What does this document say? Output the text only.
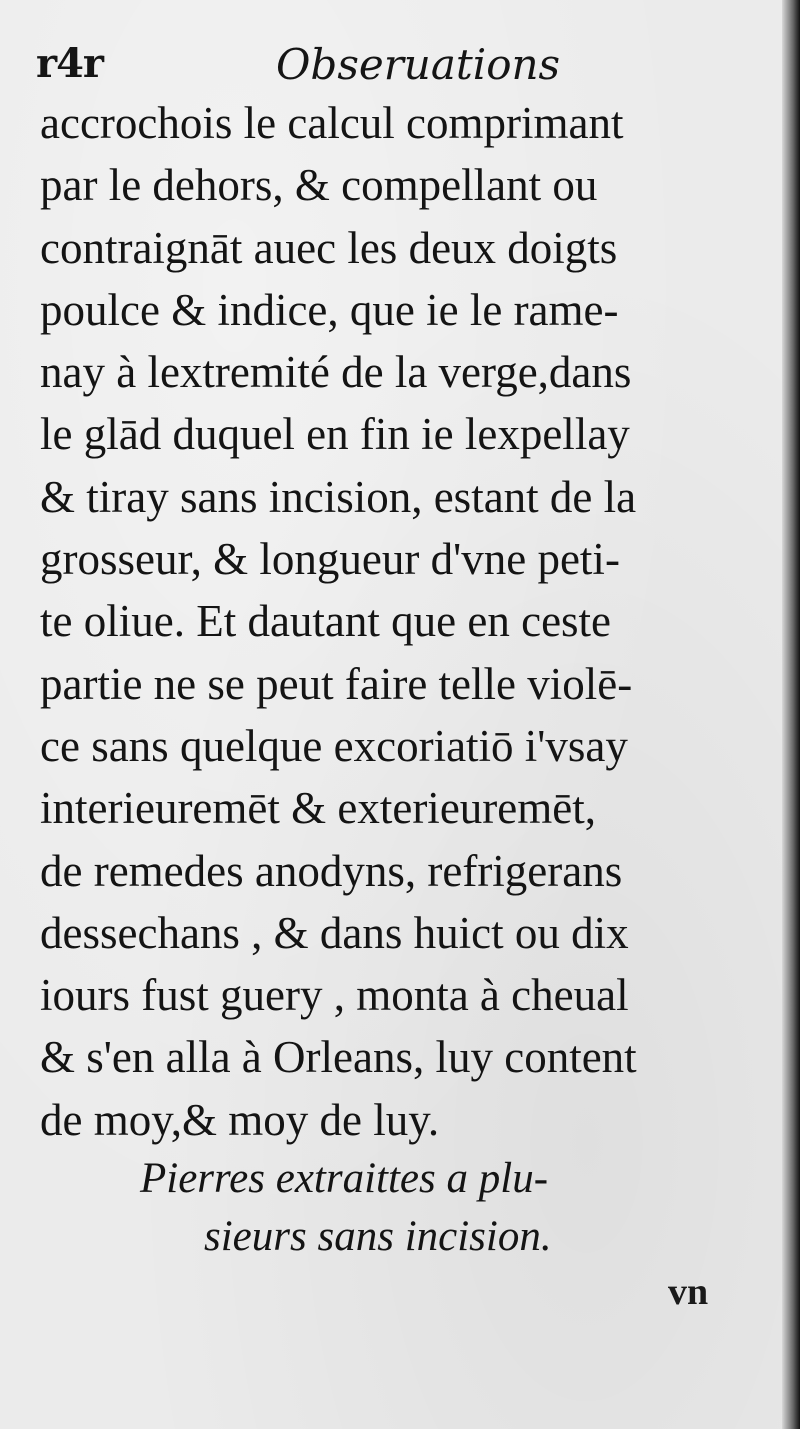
r4r	Obseruations

accrochois le calcul comprimant
par le dehors, & compellant ou
contraignāt auec les deux doigts
poulce & indice, que ie le rame-
nay à lextremité de la verge,dans
le glād duquel en fin ie lexpellay
& tiray sans incision, estant de la
grosseur, & longueur d'vne peti-
te oliue. Et dautant que en ceste
partie ne se peut faire telle violē-
ce sans quelque excoriatiō i'vsay
interieuremēt & exterieuremēt,
de remedes anodyns, refrigerans
dessechans , & dans huict ou dix
iours fust guery , monta à cheual
& s'en alla à Orleans, luy content
de moy,& moy de luy.

Pierres extraittes a plu-
sieurs sans incision.
vn
